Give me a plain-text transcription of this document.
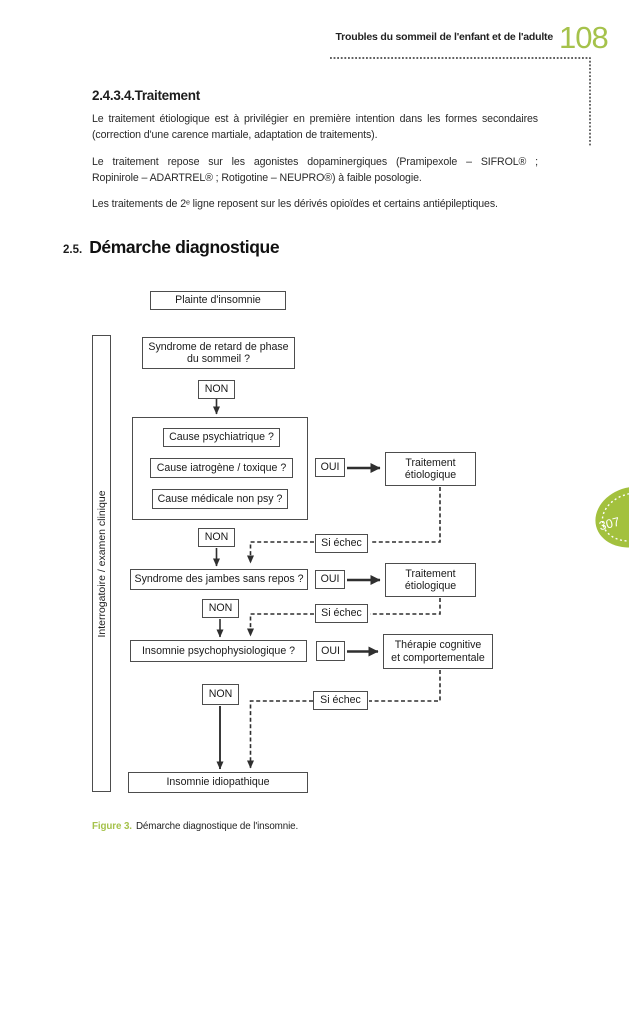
Troubles du sommeil de l'enfant et de l'adulte 108
307
2.4.3.4.Traitement
Le traitement étiologique est à privilégier en première intention dans les formes secondaires
(correction d'une carence martiale, adaptation de traitements).
Le traitement repose sur les agonistes dopaminergiques (Pramipexole – SIFROL® ;
Ropinirole – ADARTREL® ; Rotigotine – NEUPRO®) à faible posologie.
Les traitements de 2ᵉ ligne reposent sur les dérivés opioïdes et certains antiépileptiques.
2.5. Démarche diagnostique
Plainte d'insomnie
Interrogatoire / examen clinique
Syndrome de retard de phase
du sommeil ?
NON
Cause psychiatrique ?
Cause iatrogène / toxique ?
Cause médicale non psy ?
OUI	Traitement
étiologique
NON	Si échec
Syndrome des jambes sans repos ? OUI	Traitement
étiologique
NON	Si échec
Insomnie psychophysiologique ? OUI	Thérapie cognitive
et comportementale
NON	Si échec
Insomnie idiopathique
Figure 3. Démarche diagnostique de l'insomnie.
